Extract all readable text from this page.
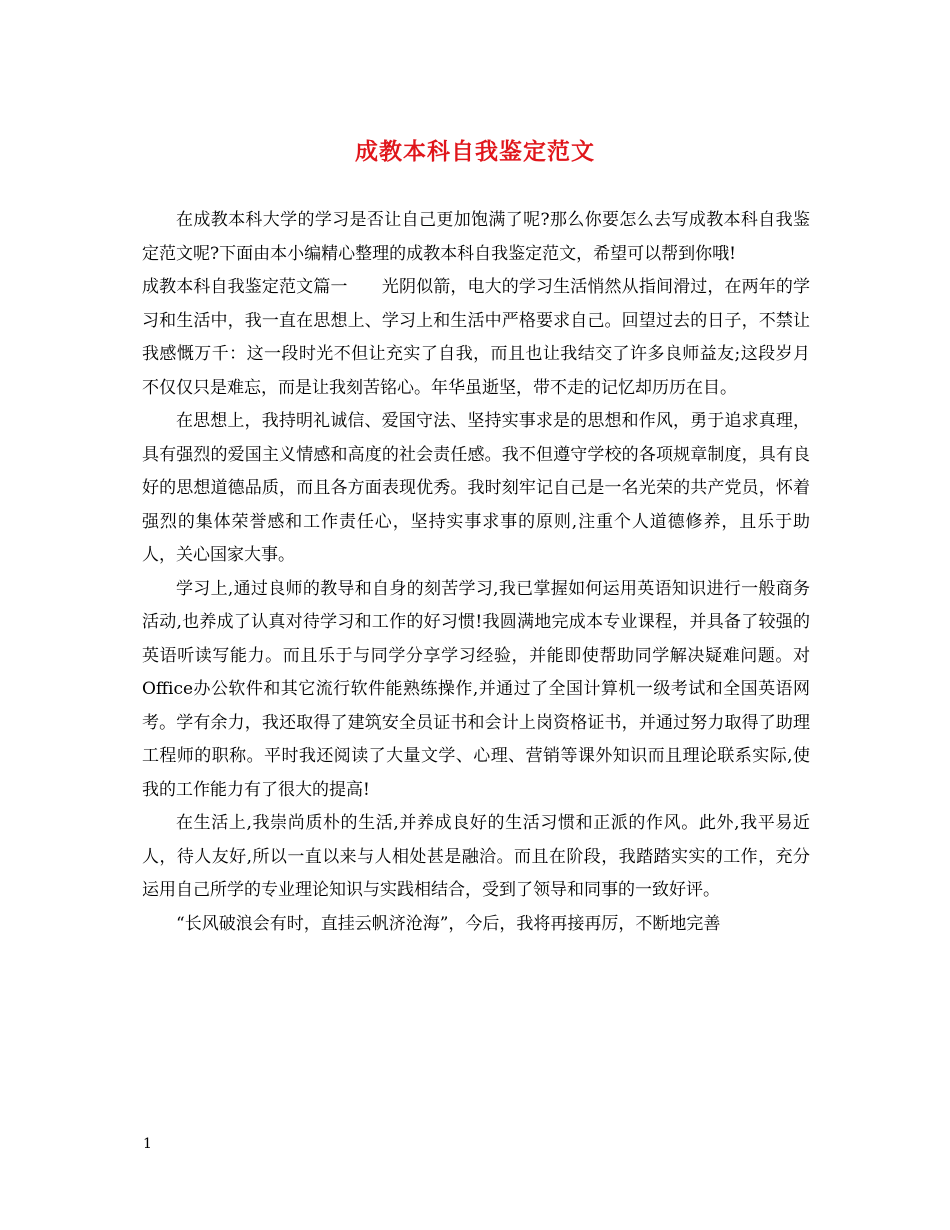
成教本科自我鉴定范文

在成教本科大学的学习是否让自己更加饱满了呢?那么你要怎么去写成教本科自我鉴定范文呢?下面由本小编精心整理的成教本科自我鉴定范文，希望可以帮到你哦!

成教本科自我鉴定范文篇一　　光阴似箭，电大的学习生活悄然从指间滑过，在两年的学习和生活中，我一直在思想上、学习上和生活中严格要求自己。回望过去的日子，不禁让我感慨万千：这一段时光不但让充实了自我，而且也让我结交了许多良师益友;这段岁月不仅仅只是难忘，而是让我刻苦铭心。年华虽逝坚，带不走的记忆却历历在目。

在思想上，我持明礼诚信、爱国守法、坚持实事求是的思想和作风，勇于追求真理，具有强烈的爱国主义情感和高度的社会责任感。我不但遵守学校的各项规章制度，具有良好的思想道德品质，而且各方面表现优秀。我时刻牢记自己是一名光荣的共产党员，怀着强烈的集体荣誉感和工作责任心，坚持实事求事的原则,注重个人道德修养，且乐于助人，关心国家大事。

学习上,通过良师的教导和自身的刻苦学习,我已掌握如何运用英语知识进行一般商务活动,也养成了认真对待学习和工作的好习惯!我圆满地完成本专业课程，并具备了较强的英语听读写能力。而且乐于与同学分享学习经验，并能即使帮助同学解决疑难问题。对Office办公软件和其它流行软件能熟练操作,并通过了全国计算机一级考试和全国英语网考。学有余力，我还取得了建筑安全员证书和会计上岗资格证书，并通过努力取得了助理工程师的职称。平时我还阅读了大量文学、心理、营销等课外知识而且理论联系实际,使我的工作能力有了很大的提高!

在生活上,我崇尚质朴的生活,并养成良好的生活习惯和正派的作风。此外,我平易近人，待人友好,所以一直以来与人相处甚是融洽。而且在阶段，我踏踏实实的工作，充分运用自己所学的专业理论知识与实践相结合，受到了领导和同事的一致好评。

“长风破浪会有时，直挂云帆济沧海”，今后，我将再接再厉，不断地完善

1
